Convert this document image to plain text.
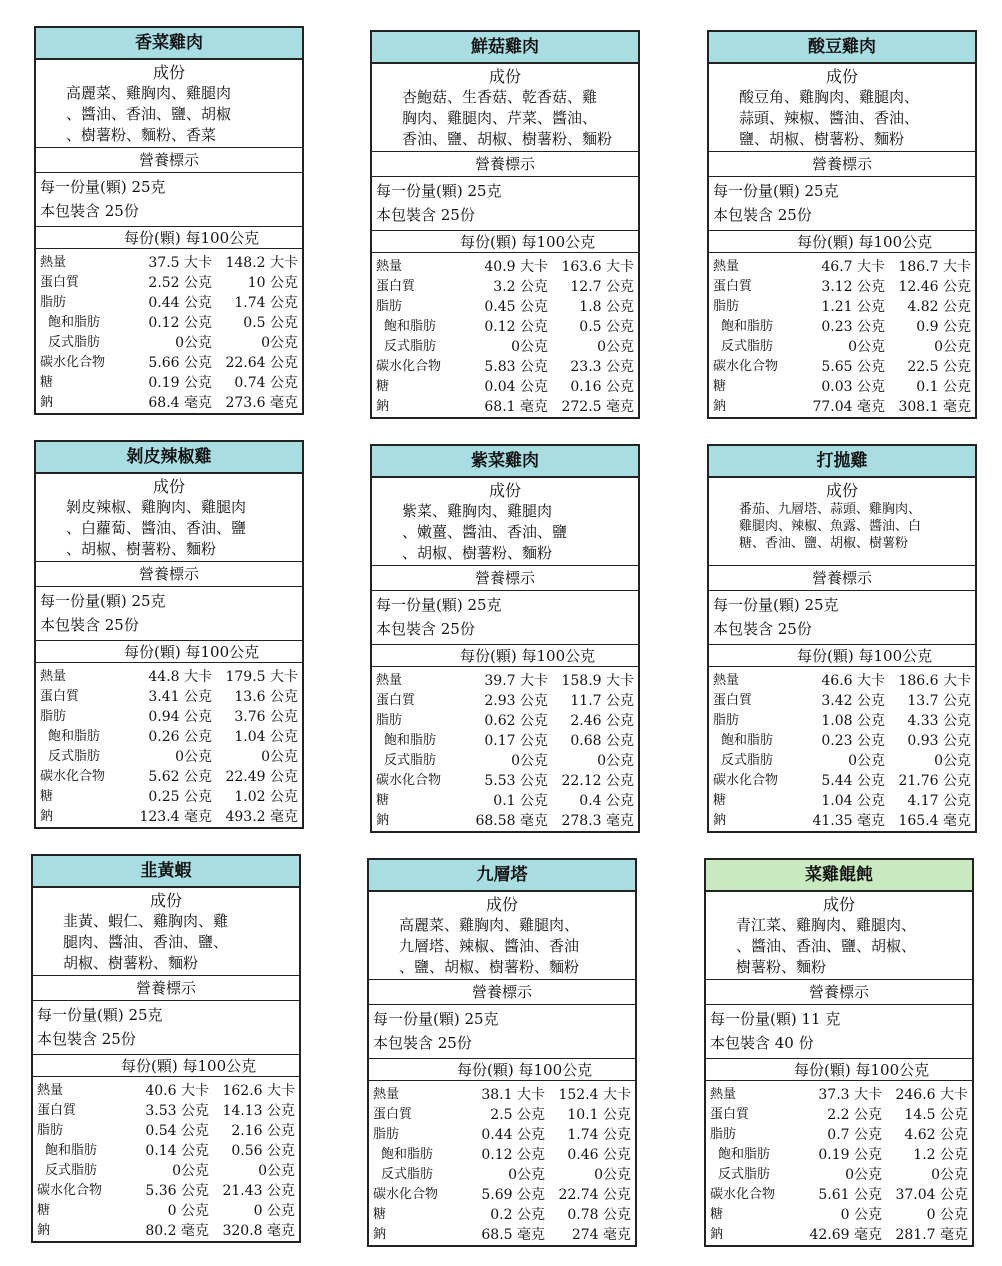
香菜雞肉
成份
高麗菜、雞胸肉、雞腿肉
、醬油、香油、鹽、胡椒
、樹薯粉、麵粉、香菜
營養標示
每一份量(顆) 25克
本包裝含 25份
每份(顆) 每100公克
熱量	37.5 大卡 148.2 大卡
蛋白質	2.52 公克	10 公克
脂肪	0.44 公克	1.74 公克
飽和脂肪	0.12 公克	0.5 公克
反式脂肪	0公克	0公克
碳水化合物	5.66 公克 22.64 公克
糖	0.19 公克	0.74 公克
鈉	68.4 毫克 273.6 毫克
鮮菇雞肉
成份
杏鮑菇、生香菇、乾香菇、雞
胸肉、雞腿肉、芹菜、醬油、
香油、鹽、胡椒、樹薯粉、麵粉
營養標示
每一份量(顆) 25克
本包裝含 25份
每份(顆) 每100公克
熱量	40.9 大卡 163.6 大卡
蛋白質	3.2 公克	12.7 公克
脂肪	0.45 公克	1.8 公克
飽和脂肪	0.12 公克	0.5 公克
反式脂肪	0公克	0公克
碳水化合物	5.83 公克	23.3 公克
糖	0.04 公克	0.16 公克
鈉	68.1 毫克 272.5 毫克
酸豆雞肉
成份
酸豆角、雞胸肉、雞腿肉、
蒜頭、辣椒、醬油、香油、
鹽、胡椒、樹薯粉、麵粉
營養標示
每一份量(顆) 25克
本包裝含 25份
每份(顆) 每100公克
熱量	46.7 大卡 186.7 大卡
蛋白質	3.12 公克 12.46 公克
脂肪	1.21 公克	4.82 公克
飽和脂肪	0.23 公克	0.9 公克
反式脂肪	0公克	0公克
碳水化合物	5.65 公克	22.5 公克
糖	0.03 公克	0.1 公克
鈉	77.04 毫克 308.1 毫克
剝皮辣椒雞
成份
剝皮辣椒、雞胸肉、雞腿肉
、白蘿蔔、醬油、香油、鹽
、胡椒、樹薯粉、麵粉
營養標示
每一份量(顆) 25克
本包裝含 25份
每份(顆) 每100公克
熱量	44.8 大卡 179.5 大卡
蛋白質	3.41 公克	13.6 公克
脂肪	0.94 公克	3.76 公克
飽和脂肪	0.26 公克	1.04 公克
反式脂肪	0公克	0公克
碳水化合物	5.62 公克 22.49 公克
糖	0.25 公克	1.02 公克
鈉	123.4 毫克 493.2 毫克
紫菜雞肉
成份
紫菜、雞胸肉、雞腿肉
、嫩薑、醬油、香油、鹽
、胡椒、樹薯粉、麵粉
營養標示
每一份量(顆) 25克
本包裝含 25份
每份(顆) 每100公克
熱量	39.7 大卡 158.9 大卡
蛋白質	2.93 公克	11.7 公克
脂肪	0.62 公克	2.46 公克
飽和脂肪	0.17 公克	0.68 公克
反式脂肪	0公克	0公克
碳水化合物	5.53 公克 22.12 公克
糖	0.1 公克	0.4 公克
鈉	68.58 毫克 278.3 毫克
打拋雞
成份
番茄、九層塔、蒜頭、雞胸肉、
雞腿肉、辣椒、魚露、醬油、白
糖、香油、鹽、胡椒、樹薯粉
營養標示
每一份量(顆) 25克
本包裝含 25份
每份(顆) 每100公克
熱量	46.6 大卡 186.6 大卡
蛋白質	3.42 公克	13.7 公克
脂肪	1.08 公克	4.33 公克
飽和脂肪	0.23 公克	0.93 公克
反式脂肪	0公克	0公克
碳水化合物	5.44 公克 21.76 公克
糖	1.04 公克	4.17 公克
鈉	41.35 毫克 165.4 毫克
韭黃蝦
成份
韭黃、蝦仁、雞胸肉、雞
腿肉、醬油、香油、鹽、
胡椒、樹薯粉、麵粉
營養標示
每一份量(顆) 25克
本包裝含 25份
每份(顆) 每100公克
熱量	40.6 大卡 162.6 大卡
蛋白質	3.53 公克 14.13 公克
脂肪	0.54 公克	2.16 公克
飽和脂肪	0.14 公克	0.56 公克
反式脂肪	0公克	0公克
碳水化合物	5.36 公克 21.43 公克
糖	0 公克	0 公克
鈉	80.2 毫克 320.8 毫克
九層塔
成份
高麗菜、雞胸肉、雞腿肉、
九層塔、辣椒、醬油、香油
、鹽、胡椒、樹薯粉、麵粉
營養標示
每一份量(顆) 25克
本包裝含 25份
每份(顆) 每100公克
熱量	38.1 大卡 152.4 大卡
蛋白質	2.5 公克	10.1 公克
脂肪	0.44 公克	1.74 公克
飽和脂肪	0.12 公克	0.46 公克
反式脂肪	0公克	0公克
碳水化合物	5.69 公克 22.74 公克
糖	0.2 公克	0.78 公克
鈉	68.5 毫克	274 毫克
菜雞餛飩
成份
青江菜、雞胸肉、雞腿肉、
、醬油、香油、鹽、胡椒、
樹薯粉、麵粉
營養標示
每一份量(顆) 11 克
本包裝含 40 份
每份(顆) 每100公克
熱量	37.3 大卡 246.6 大卡
蛋白質	2.2 公克	14.5 公克
脂肪	0.7 公克	4.62 公克
飽和脂肪	0.19 公克	1.2 公克
反式脂肪	0公克	0公克
碳水化合物	5.61 公克 37.04 公克
糖	0 公克	0 公克
鈉	42.69 毫克 281.7 毫克
